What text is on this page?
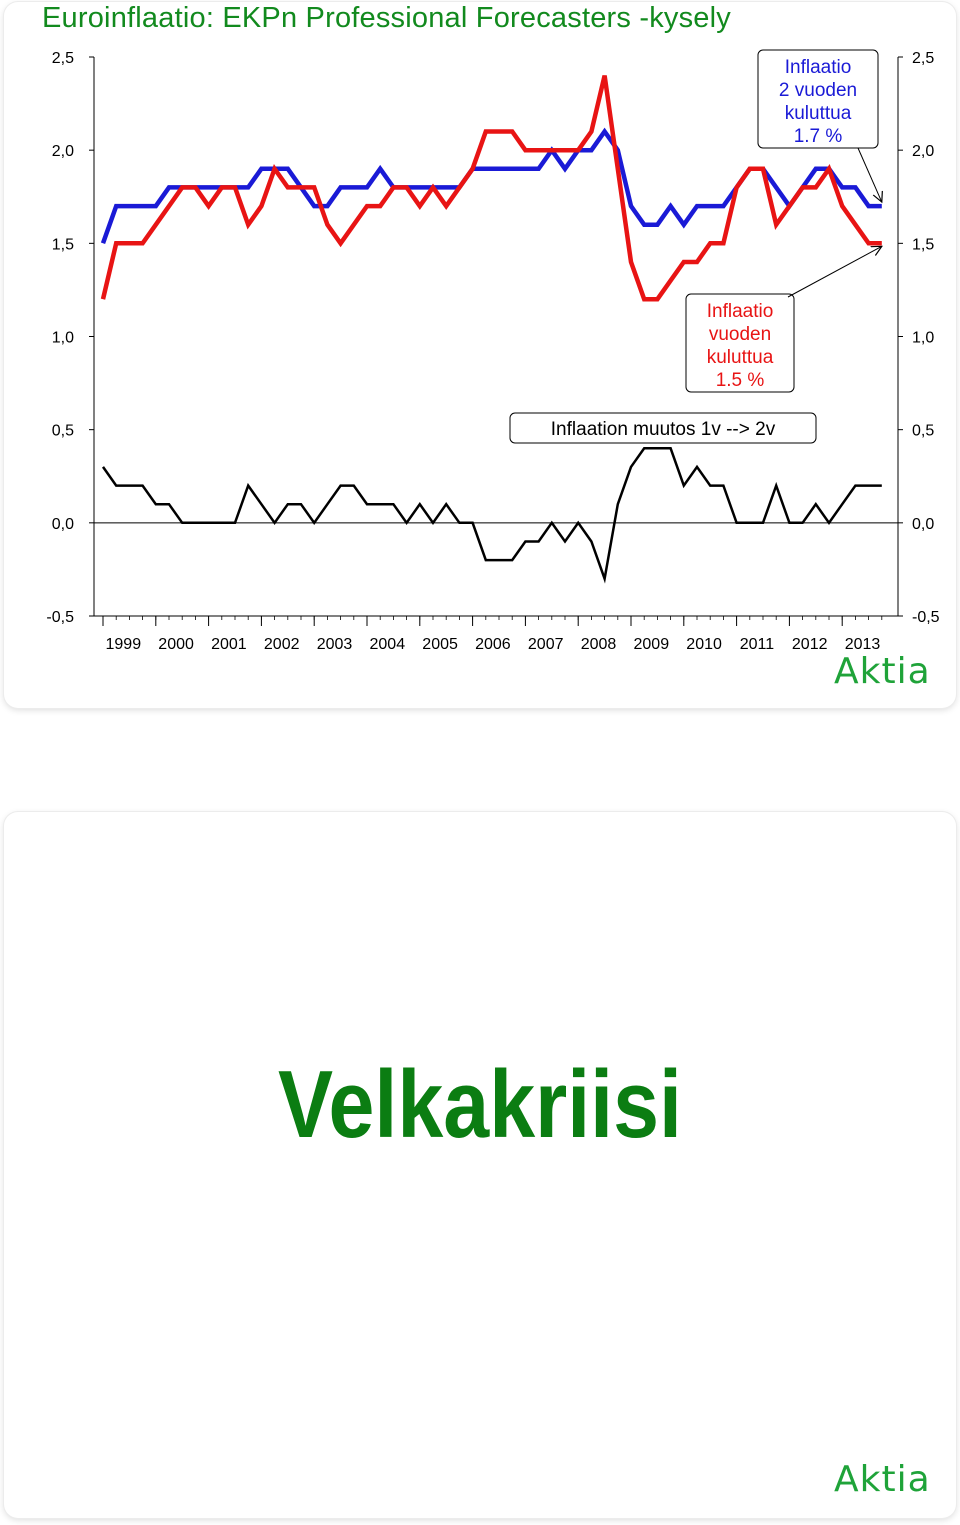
Euroinflaatio: EKPn Professional Forecasters -kysely
2,5	2,5
2,0	2,0
1,5	1,5
1,0	1,0
0,5	0,5
0,0	0,0
-0,5	-0,5
1999 2000 2001 2002 2003 2004 2005 2006 2007 2008 2009 2010 2011 2012 2013
Inflaatio
2 vuoden
kuluttua
1.7 %
Inflaatio
vuoden
kuluttua
1.5 %
Inflaation muutos 1v --> 2v
Aktia
Velkakriisi
Aktia
